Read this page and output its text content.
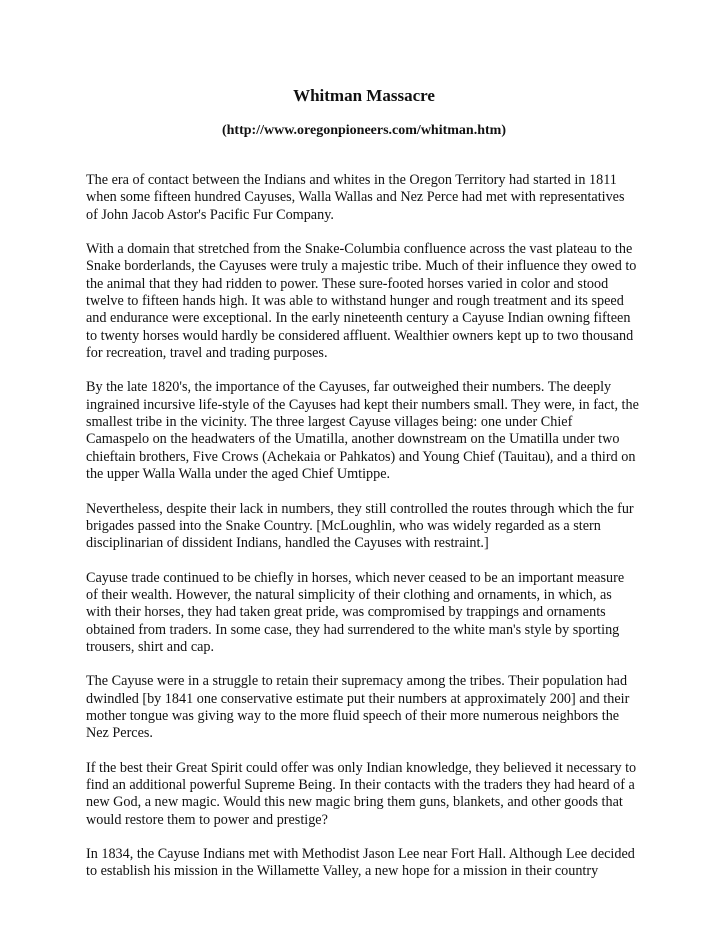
Whitman Massacre

(http://www.oregonpioneers.com/whitman.htm)

The era of contact between the Indians and whites in the Oregon Territory had started in 1811
when some fifteen hundred Cayuses, Walla Wallas and Nez Perce had met with representatives
of John Jacob Astor's Pacific Fur Company.

With a domain that stretched from the Snake-Columbia confluence across the vast plateau to the
Snake borderlands, the Cayuses were truly a majestic tribe. Much of their influence they owed to
the animal that they had ridden to power. These sure-footed horses varied in color and stood
twelve to fifteen hands high. It was able to withstand hunger and rough treatment and its speed
and endurance were exceptional. In the early nineteenth century a Cayuse Indian owning fifteen
to twenty horses would hardly be considered affluent. Wealthier owners kept up to two thousand
for recreation, travel and trading purposes.

By the late 1820's, the importance of the Cayuses, far outweighed their numbers. The deeply
ingrained incursive life-style of the Cayuses had kept their numbers small. They were, in fact, the
smallest tribe in the vicinity. The three largest Cayuse villages being: one under Chief
Camaspelo on the headwaters of the Umatilla, another downstream on the Umatilla under two
chieftain brothers, Five Crows (Achekaia or Pahkatos) and Young Chief (Tauitau), and a third on
the upper Walla Walla under the aged Chief Umtippe.

Nevertheless, despite their lack in numbers, they still controlled the routes through which the fur
brigades passed into the Snake Country. [McLoughlin, who was widely regarded as a stern
disciplinarian of dissident Indians, handled the Cayuses with restraint.]

Cayuse trade continued to be chiefly in horses, which never ceased to be an important measure
of their wealth. However, the natural simplicity of their clothing and ornaments, in which, as
with their horses, they had taken great pride, was compromised by trappings and ornaments
obtained from traders. In some case, they had surrendered to the white man's style by sporting
trousers, shirt and cap.

The Cayuse were in a struggle to retain their supremacy among the tribes. Their population had
dwindled [by 1841 one conservative estimate put their numbers at approximately 200] and their
mother tongue was giving way to the more fluid speech of their more numerous neighbors the
Nez Perces.

If the best their Great Spirit could offer was only Indian knowledge, they believed it necessary to
find an additional powerful Supreme Being. In their contacts with the traders they had heard of a
new God, a new magic. Would this new magic bring them guns, blankets, and other goods that
would restore them to power and prestige?

In 1834, the Cayuse Indians met with Methodist Jason Lee near Fort Hall. Although Lee decided
to establish his mission in the Willamette Valley, a new hope for a mission in their country
